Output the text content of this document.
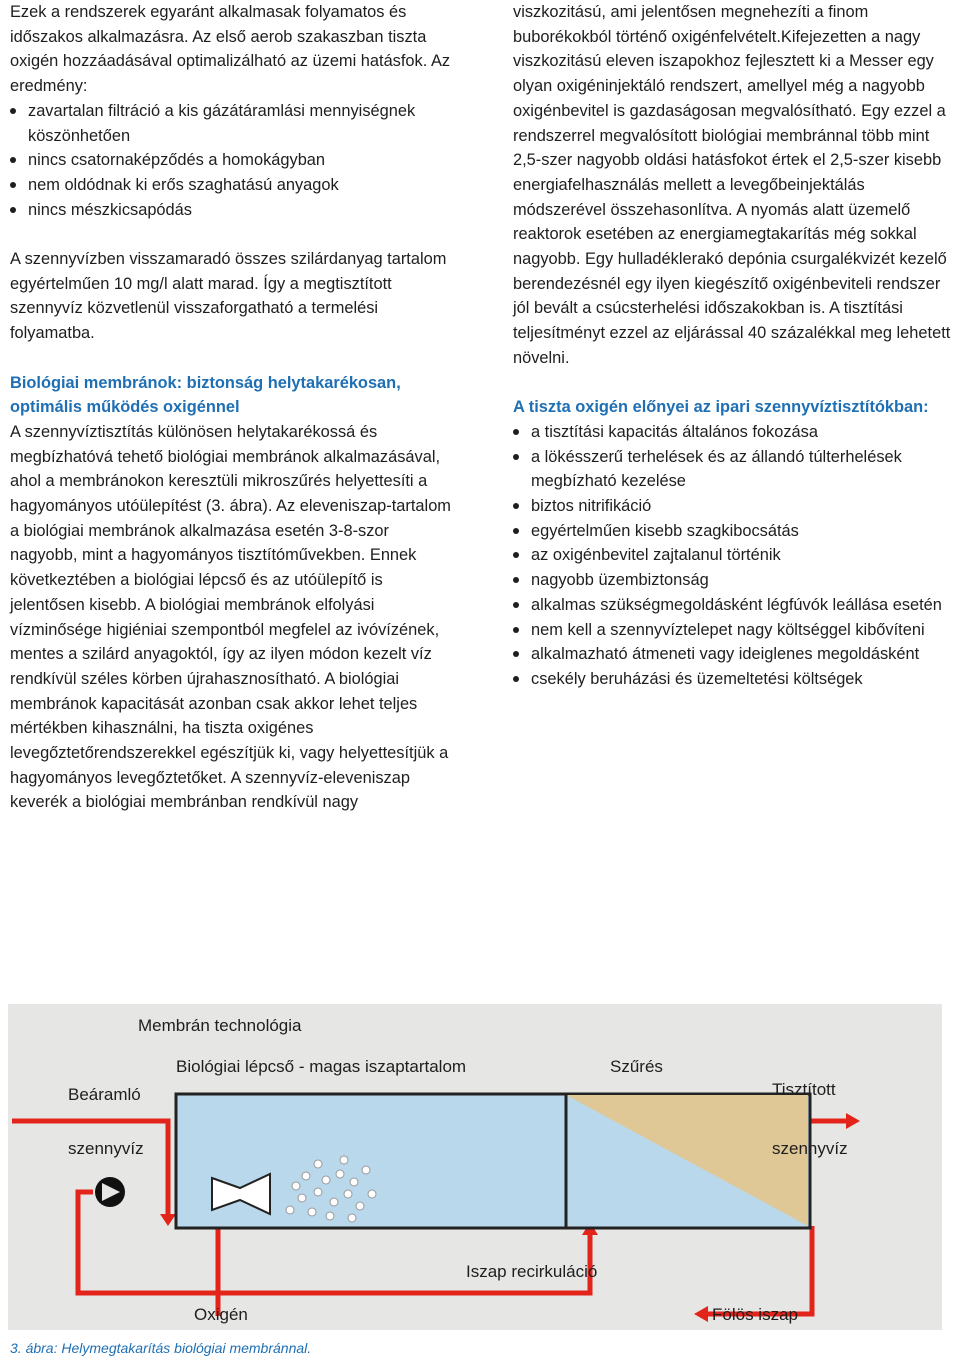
Ezek a rendszerek egyaránt alkalmasak folyamatos és időszakos alkalmazásra. Az első aerob szakaszban tiszta oxigén hozzáadásával optimalizálható az üzemi hatásfok. Az eredmény:

zavartalan filtráció a kis gázátáramlási mennyiségnek köszönhetően
nincs csatornaképződés a homokágyban
nem oldódnak ki erős szaghatású anyagok
nincs mészkicsapódás

A szennyvízben visszamaradó összes szilárdanyag tartalom egyértelműen 10 mg/l alatt marad. Így a megtisztított szennyvíz közvetlenül visszaforgatható a termelési folyamatba.

Biológiai membránok: biztonság helytakarékosan, optimális működés oxigénnel

A szennyvíztisztítás különösen helytakarékossá és megbízhatóvá tehető biológiai membránok alkalmazásával, ahol a membránokon keresztüli mikroszűrés helyettesíti a hagyományos utóülepítést (3. ábra). Az eleveniszap-tartalom a biológiai membránok alkalmazása esetén 3-8-szor nagyobb, mint a hagyományos tisztítóművekben. Ennek következtében a biológiai lépcső és az utóülepítő is jelentősen kisebb. A biológiai membránok elfolyási vízminősége higiéniai szempontból megfelel az ivóvízének, mentes a szilárd anyagoktól, így az ilyen módon kezelt víz rendkívül széles körben újrahasznosítható. A biológiai membránok kapacitását azonban csak akkor lehet teljes mértékben kihasználni, ha tiszta oxigénes levegőztetőrendszerekkel egészítjük ki, vagy helyettesítjük a hagyományos levegőztetőket. A szennyvíz-eleveniszap keverék a biológiai membránban rendkívül nagy

viszkozitású, ami jelentősen megnehezíti a finom buborékokból történő oxigénfelvételt.Kifejezetten a nagy viszkozitású eleven iszapokhoz fejlesztett ki a Messer egy olyan oxigéninjektáló rendszert, amellyel még a nagyobb oxigénbevitel is gazdaságosan megvalósítható. Egy ezzel a rendszerrel megvalósított biológiai membránnal több mint 2,5-szer nagyobb oldási hatásfokot értek el 2,5-szer kisebb energiafelhasználás mellett a levegőbeinjektálás módszerével összehasonlítva. A nyomás alatt üzemelő reaktorok esetében az energiamegtakarítás még sokkal nagyobb. Egy hulladéklerakó depónia csurgalékvizét kezelő berendezésnél egy ilyen kiegészítő oxigénbeviteli rendszer jól bevált a csúcsterhelési időszakokban is. A tisztítási teljesítményt ezzel az eljárással 40 százalékkal meg lehetett növelni.

A tiszta oxigén előnyei az ipari szennyvíztisztítókban:

a tisztítási kapacitás általános fokozása
a lökésszerű terhelések és az állandó túlterhelések megbízható kezelése
biztos nitrifikáció
egyértelműen kisebb szagkibocsátás
az oxigénbevitel zajtalanul történik
nagyobb üzembiztonság
alkalmas szükségmegoldásként légfúvók leállása esetén
nem kell a szennyvíztelepet nagy költséggel kibővíteni
alkalmazható átmeneti vagy ideiglenes megoldásként
csekély beruházási és üzemeltetési költségek
Membrán technológia
Beáramló
szennyvíz
Biológiai lépcső - magas iszaptartalom	Szűrés
Tisztított
szennyvíz
Iszap recirkuláció
Oxigén	Fölös iszap
3. ábra: Helymegtakarítás biológiai membránnal.
